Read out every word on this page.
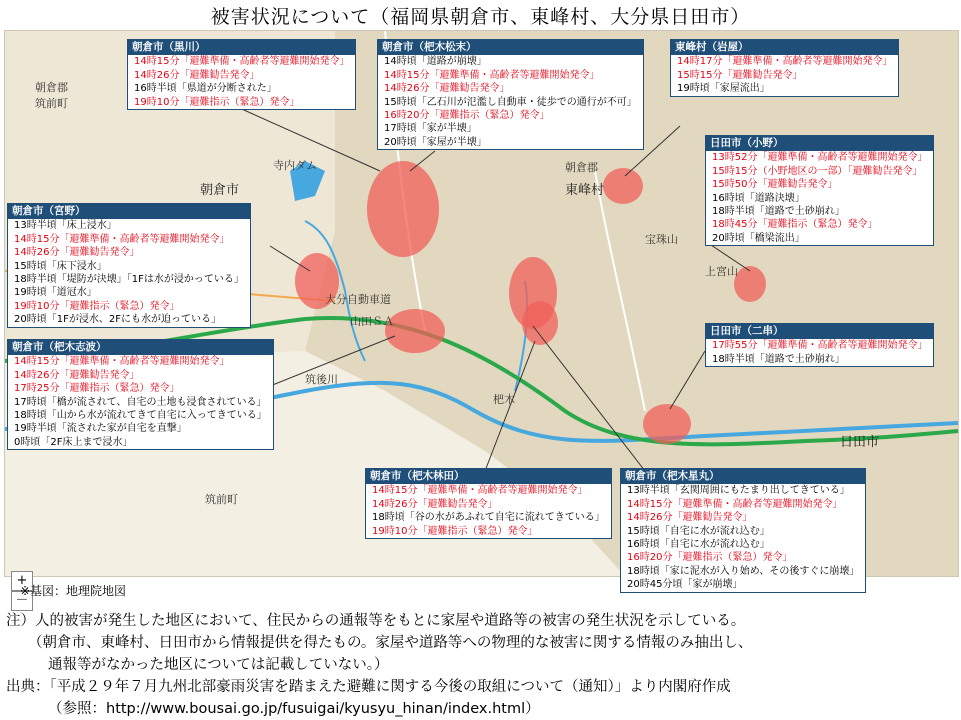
被害状況について（福岡県朝倉市、東峰村、大分県日田市）
朝倉郡
筑前町
朝倉市
朝倉郡
東峰村
日田市
寺内ダム
山田ＳＡ
杷木
宝珠山
上宮山
大分自動車道
筑後川
筑前町
朝倉市（黒川）
14時15分「避難準備・高齢者等避難開始発令」
14時26分「避難勧告発令」
16時半頃「県道が分断された」
19時10分「避難指示（緊急）発令」
朝倉市（杷木松末）
14時頃「道路が崩壊」
14時15分「避難準備・高齢者等避難開始発令」
14時26分「避難勧告発令」
15時頃「乙石川が氾濫し自動車・徒歩での通行が不可」
16時20分「避難指示（緊急）発令」
17時頃「家が半壊」
20時頃「家屋が半壊」
東峰村（岩屋）
14時17分「避難準備・高齢者等避難開始発令」
15時15分「避難勧告発令」
19時頃「家屋流出」
日田市（小野）
13時52分「避難準備・高齢者等避難開始発令」
15時15分（小野地区の一部）「避難勧告発令」
15時50分「避難勧告発令」
16時頃「道路決壊」
18時半頃「道路で土砂崩れ」
18時45分「避難指示（緊急）発令」
20時頃「橋梁流出」
朝倉市（宮野）
13時半頃「床上浸水」
14時15分「避難準備・高齢者等避難開始発令」
14時26分「避難勧告発令」
15時頃「床下浸水」
18時半頃「堤防が決壊」「1Fは水が浸かっている」
19時頃「道冠水」
19時10分「避難指示（緊急）発令」
20時頃「1Fが浸水、2Fにも水が迫っている」
日田市（二串）
17時55分「避難準備・高齢者等避難開始発令」
18時半頃「道路で土砂崩れ」
朝倉市（杷木志波）
14時15分「避難準備・高齢者等避難開始発令」
14時26分「避難勧告発令」
17時25分「避難指示（緊急）発令」
17時頃「橋が流されて、自宅の土地も浸食されている」
18時頃「山から水が流れてきて自宅に入ってきている」
19時半頃「流された家が自宅を直撃」
0時頃「2F床上まで浸水」
朝倉市（杷木林田）
14時15分「避難準備・高齢者等避難開始発令」
14時26分「避難勧告発令」
18時頃「谷の水があふれて自宅に流れてきている」
19時10分「避難指示（緊急）発令」
朝倉市（杷木星丸）
13時半頃「玄関周囲にもたまり出してきている」
14時15分「避難準備・高齢者等避難開始発令」
14時26分「避難勧告発令」
15時頃「自宅に水が流れ込む」
16時頃「自宅に水が流れ込む」
16時20分「避難指示（緊急）発令」
18時頃「家に泥水が入り始め、その後すぐに崩壊」
20時45分頃「家が崩壊」
+
－
※基図：地理院地図
注）人的被害が発生した地区において、住民からの通報等をもとに家屋や道路等の被害の発生状況を示している。
（朝倉市、東峰村、日田市から情報提供を得たもの。家屋や道路等への物理的な被害に関する情報のみ抽出し、
通報等がなかった地区については記載していない。）
出典：「平成２９年７月九州北部豪雨災害を踏まえた避難に関する今後の取組について（通知）」より内閣府作成
（参照：http://www.bousai.go.jp/fusuigai/kyusyu_hinan/index.html）
